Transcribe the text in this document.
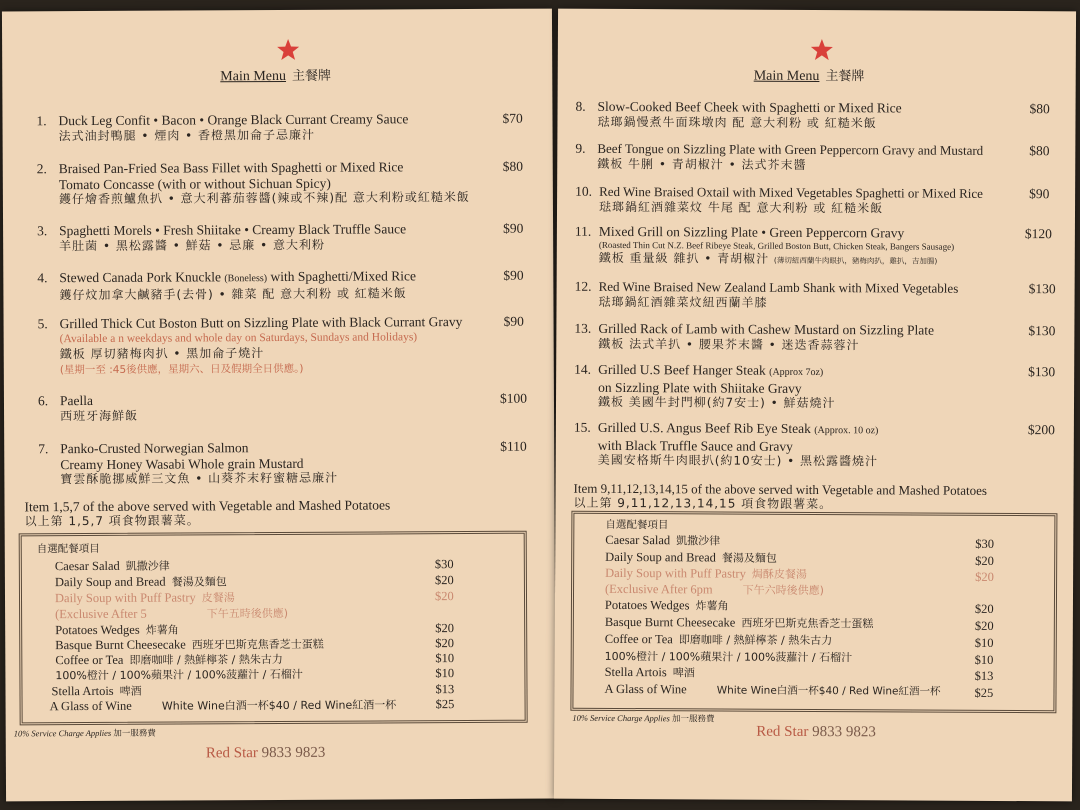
Main Menu 主餐牌
1. Duck Leg Confit • Bacon • Orange Black Currant Creamy Sauce
法式油封鴨腿 • 煙肉 • 香橙黑加侖子忌廉汁
$70
2. Braised Pan-Fried Sea Bass Fillet with Spaghetti or Mixed Rice
Tomato Concasse (with or without Sichuan Spicy)
鑊仔燴香煎鱸魚扒 • 意大利蕃茄蓉醬(辣或不辣)配 意大利粉或紅糙米飯
$80
3. Spaghetti Morels • Fresh Shiitake • Creamy Black Truffle Sauce
羊肚菌 • 黑松露醬 • 鮮菇 • 忌廉 • 意大利粉
$90
4. Stewed Canada Pork Knuckle (Boneless) with Spaghetti/Mixed Rice
鑊仔炆加拿大鹹豬手(去骨) • 雜菜 配 意大利粉 或 紅糙米飯
$90
5. Grilled Thick Cut Boston Butt on Sizzling Plate with Black Currant Gravy
(Available a n weekdays and whole day on Saturdays, Sundays and Holidays)
鐵板 厚切豬梅肉扒 • 黑加侖子燒汁
(星期一至 :45後供應，星期六、日及假期全日供應。)
$90
6. Paella
西班牙海鮮飯
$100
7. Panko-Crusted Norwegian Salmon
Creamy Honey Wasabi Whole grain Mustard
寶雲酥脆挪威鮮三文魚 • 山葵芥末籽蜜糖忌廉汁
$110
Item 1,5,7 of the above served with Vegetable and Mashed Potatoes
以上第 1,5,7 項食物跟薯菜。
自選配餐項目
Caesar Salad 凱撒沙律	$30
Daily Soup and Bread 餐湯及麵包	$20
Daily Soup with Puff Pastry 皮餐湯	$20
(Exclusive After 5	下午五時後供應)
Potatoes Wedges 炸薯角	$20
Basque Burnt Cheesecake 西班牙巴斯克焦香芝士蛋糕	$20
Coffee or Tea 即磨咖啡 / 熱鮮檸茶 / 熱朱古力	$10
100%橙汁 / 100%蘋果汁 / 100%菠蘿汁 / 石榴汁	$10
Stella Artois 啤酒	$13
A Glass of Wine	White Wine白酒一杯$40 / Red Wine紅酒一杯	$25
10% Service Charge Applies 加一服務費
Red Star 9833 9823
Main Menu 主餐牌
8. Slow-Cooked Beef Cheek with Spaghetti or Mixed Rice
琺瑯鍋慢煮牛面珠墩肉 配 意大利粉 或 紅糙米飯
$80
9. Beef Tongue on Sizzling Plate with Green Peppercorn Gravy and Mustard
鐵板 牛脷 • 青胡椒汁 • 法式芥末醬
$80
10. Red Wine Braised Oxtail with Mixed Vegetables Spaghetti or Mixed Rice
琺瑯鍋紅酒雜菜炆 牛尾 配 意大利粉 或 紅糙米飯
$90
11. Mixed Grill on Sizzling Plate • Green Peppercorn Gravy
(Roasted Thin Cut N.Z. Beef Ribeye Steak, Grilled Boston Butt, Chicken Steak, Bangers Sausage)
鐵板 重量級 雜扒 • 青胡椒汁 (薄切紐西蘭牛肉眼扒，豬梅肉扒，雞扒，吉加腸)
$120
12. Red Wine Braised New Zealand Lamb Shank with Mixed Vegetables
琺瑯鍋紅酒雜菜炆紐西蘭羊膝
$130
13. Grilled Rack of Lamb with Cashew Mustard on Sizzling Plate
鐵板 法式羊扒 • 腰果芥末醬 • 迷迭香蒜蓉汁
$130
14. Grilled U.S Beef Hanger Steak (Approx 7oz)
on Sizzling Plate with Shiitake Gravy
鐵板 美國牛封門柳(約7安士) • 鮮菇燒汁
$130
15. Grilled U.S. Angus Beef Rib Eye Steak (Approx. 10 oz)
with Black Truffle Sauce and Gravy
美國安格斯牛肉眼扒(約10安士) • 黑松露醬燒汁
$200
Item 9,11,12,13,14,15 of the above served with Vegetable and Mashed Potatoes
以上第 9,11,12,13,14,15 項食物跟薯菜。
自選配餐項目
Caesar Salad 凱撒沙律	$30
Daily Soup and Bread 餐湯及麵包	$20
Daily Soup with Puff Pastry 焗酥皮餐湯	$20
(Exclusive After 6pm	下午六時後供應)
Potatoes Wedges 炸薯角	$20
Basque Burnt Cheesecake 西班牙巴斯克焦香芝士蛋糕	$20
Coffee or Tea 即磨咖啡 / 熱鮮檸茶 / 熱朱古力	$10
100%橙汁 / 100%蘋果汁 / 100%菠蘿汁 / 石榴汁	$10
Stella Artois 啤酒	$13
A Glass of Wine	White Wine白酒一杯$40 / Red Wine紅酒一杯	$25
10% Service Charge Applies 加一服務費
Red Star 9833 9823
